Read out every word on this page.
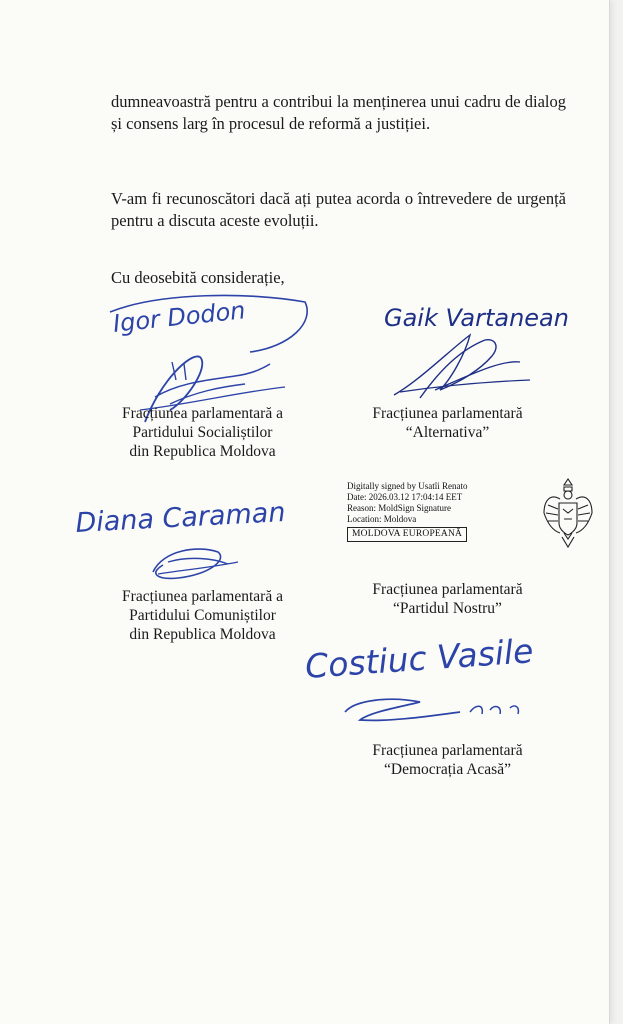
dumneavoastră pentru a contribui la menținerea unui cadru de dialog și consens larg în procesul de reformă a justiției.

V-am fi recunoscători dacă ați putea acorda o întrevedere de urgență pentru a discuta aceste evoluții.

Cu deosebită considerație,
Igor Dodon	Gaik Vartanean
Fracțiunea parlamentară a
Partidului Socialiștilor
din Republica Moldova
Fracțiunea parlamentară
“Alternativa”
Diana Caraman
Digitally signed by Usatîi Renato
Date: 2026.03.12 17:04:14 EET
Reason: MoldSign Signature
Location: Moldova
MOLDOVA EUROPEANĂ
Fracțiunea parlamentară a
Partidului Comuniștilor
din Republica Moldova
Fracțiunea parlamentară
“Partidul Nostru”
Costiuc Vasile
Fracțiunea parlamentară
“Democrația Acasă”
